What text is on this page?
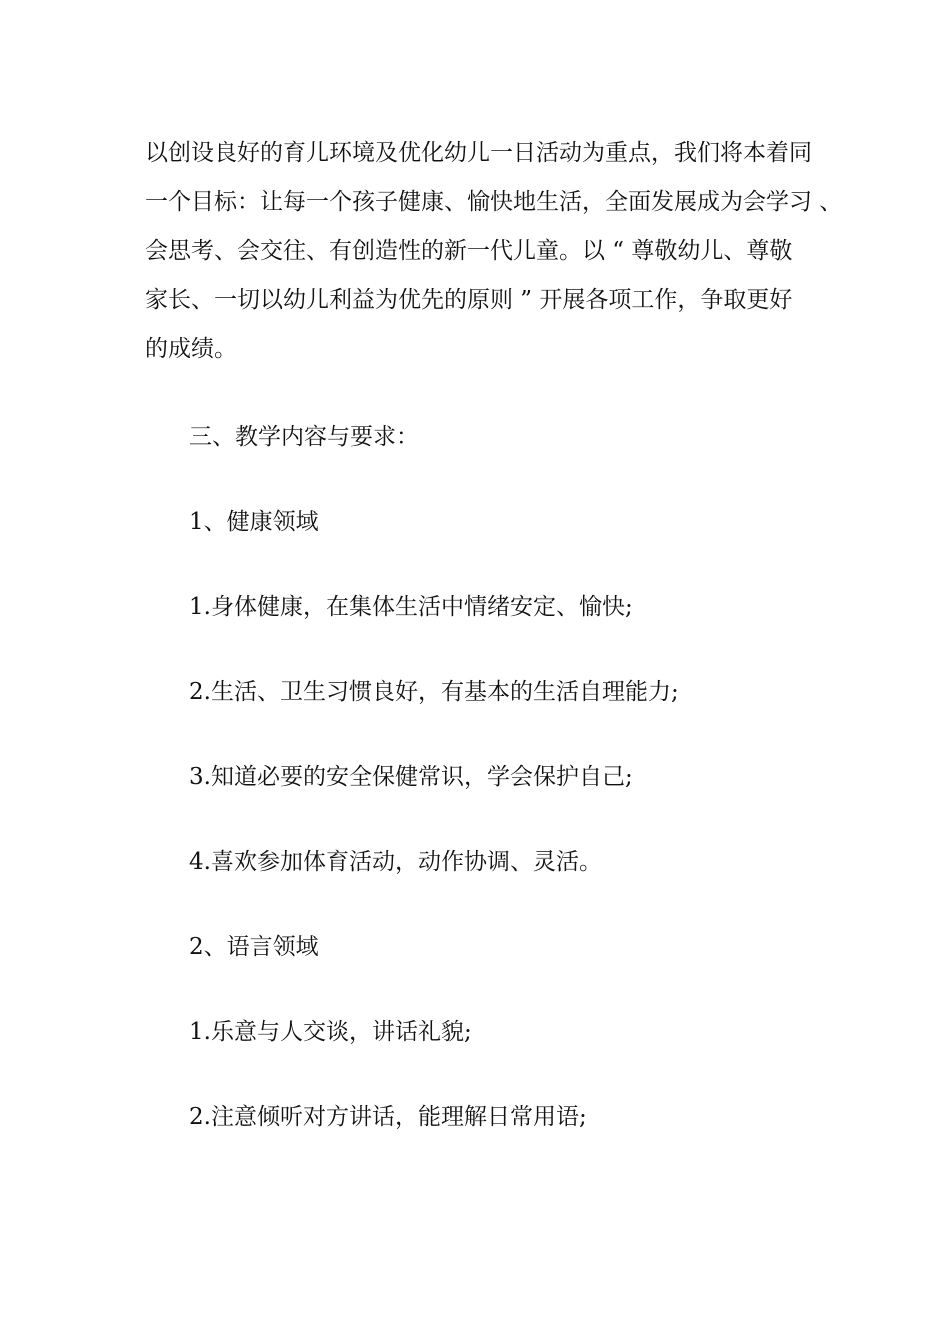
以创设良好的育儿环境及优化幼儿一日活动为重点，我们将本着同
一个目标：让每一个孩子健康、愉快地生活，全面发展成为会学习 、
会思考、会交往、有创造性的新一代儿童。以 “ 尊敬幼儿、尊敬
家长、一切以幼儿利益为优先的原则 ” 开展各项工作，争取更好
的成绩。
三、教学内容与要求：
1、健康领域
1.身体健康，在集体生活中情绪安定、愉快;
2.生活、卫生习惯良好，有基本的生活自理能力;
3.知道必要的安全保健常识，学会保护自己;
4.喜欢参加体育活动，动作协调、灵活。
2、语言领域
1.乐意与人交谈，讲话礼貌;
2.注意倾听对方讲话，能理解日常用语;
